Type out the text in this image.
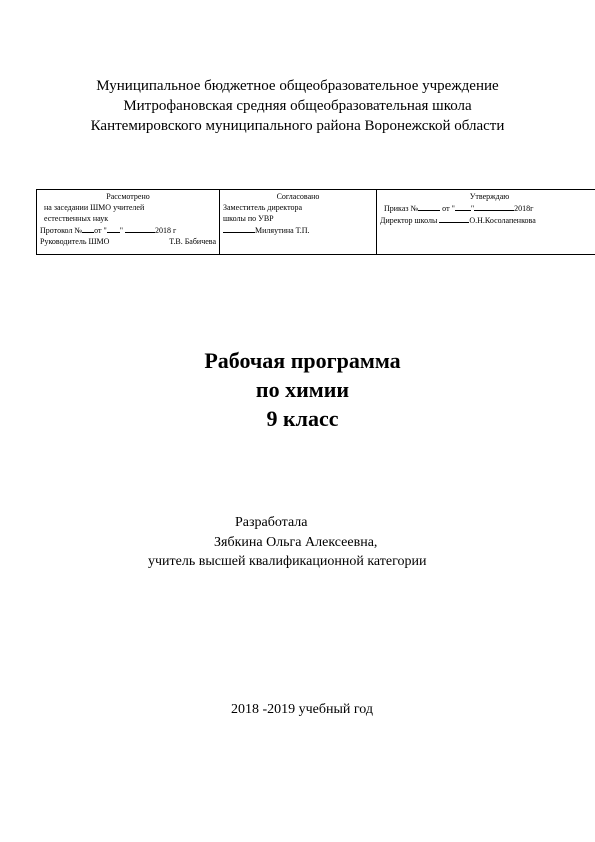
Муниципальное бюджетное общеобразовательное учреждение
Митрофановская средняя общеобразовательная школа
Кантемировского муниципального района Воронежской области
Рассмотрено
на заседании ШМО учителей
естественных наук
Протокол № от " "	2018 г
Руководитель ШМО	Т.В. Бабичева

Согласовано
Заместитель директора
школы по УВР
Миляутина Т.П.

Утверждаю
Приказ №	от " "	2018г
Директор школы	О.Н.Косолапенкова
Рабочая программа
по химии
9 класс
Разработала
Зябкина Ольга Алексеевна,
учитель высшей квалификационной категории
2018 -2019 учебный год
